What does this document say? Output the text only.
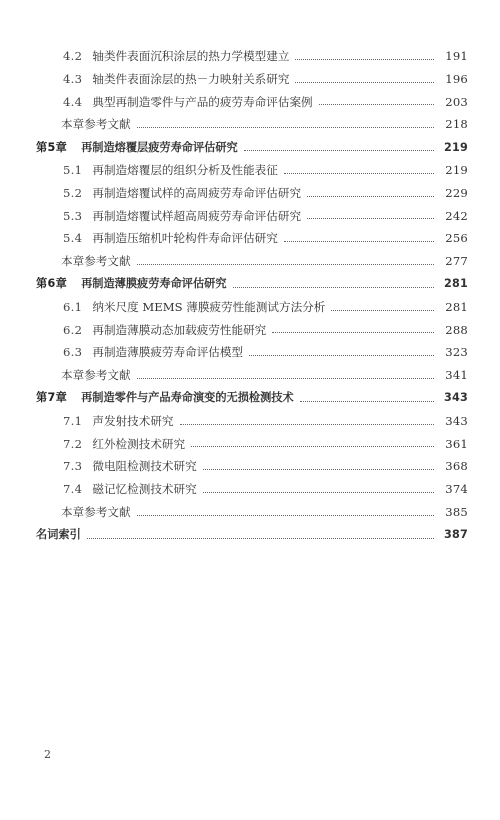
4.2 轴类件表面沉积涂层的热力学模型建立	191
4.3 轴类件表面涂层的热－力映射关系研究	196
4.4 典型再制造零件与产品的疲劳寿命评估案例	203
本章参考文献	218
第5章 再制造熔覆层疲劳寿命评估研究	219
5.1 再制造熔覆层的组织分析及性能表征	219
5.2 再制造熔覆试样的高周疲劳寿命评估研究	229
5.3 再制造熔覆试样超高周疲劳寿命评估研究	242
5.4 再制造压缩机叶轮构件寿命评估研究	256
本章参考文献	277
第6章 再制造薄膜疲劳寿命评估研究	281
6.1 纳米尺度 MEMS 薄膜疲劳性能测试方法分析	281
6.2 再制造薄膜动态加载疲劳性能研究	288
6.3 再制造薄膜疲劳寿命评估模型	323
本章参考文献	341
第7章 再制造零件与产品寿命演变的无损检测技术	343
7.1 声发射技术研究	343
7.2 红外检测技术研究	361
7.3 微电阻检测技术研究	368
7.4 磁记忆检测技术研究	374
本章参考文献	385
名词索引	387
2
